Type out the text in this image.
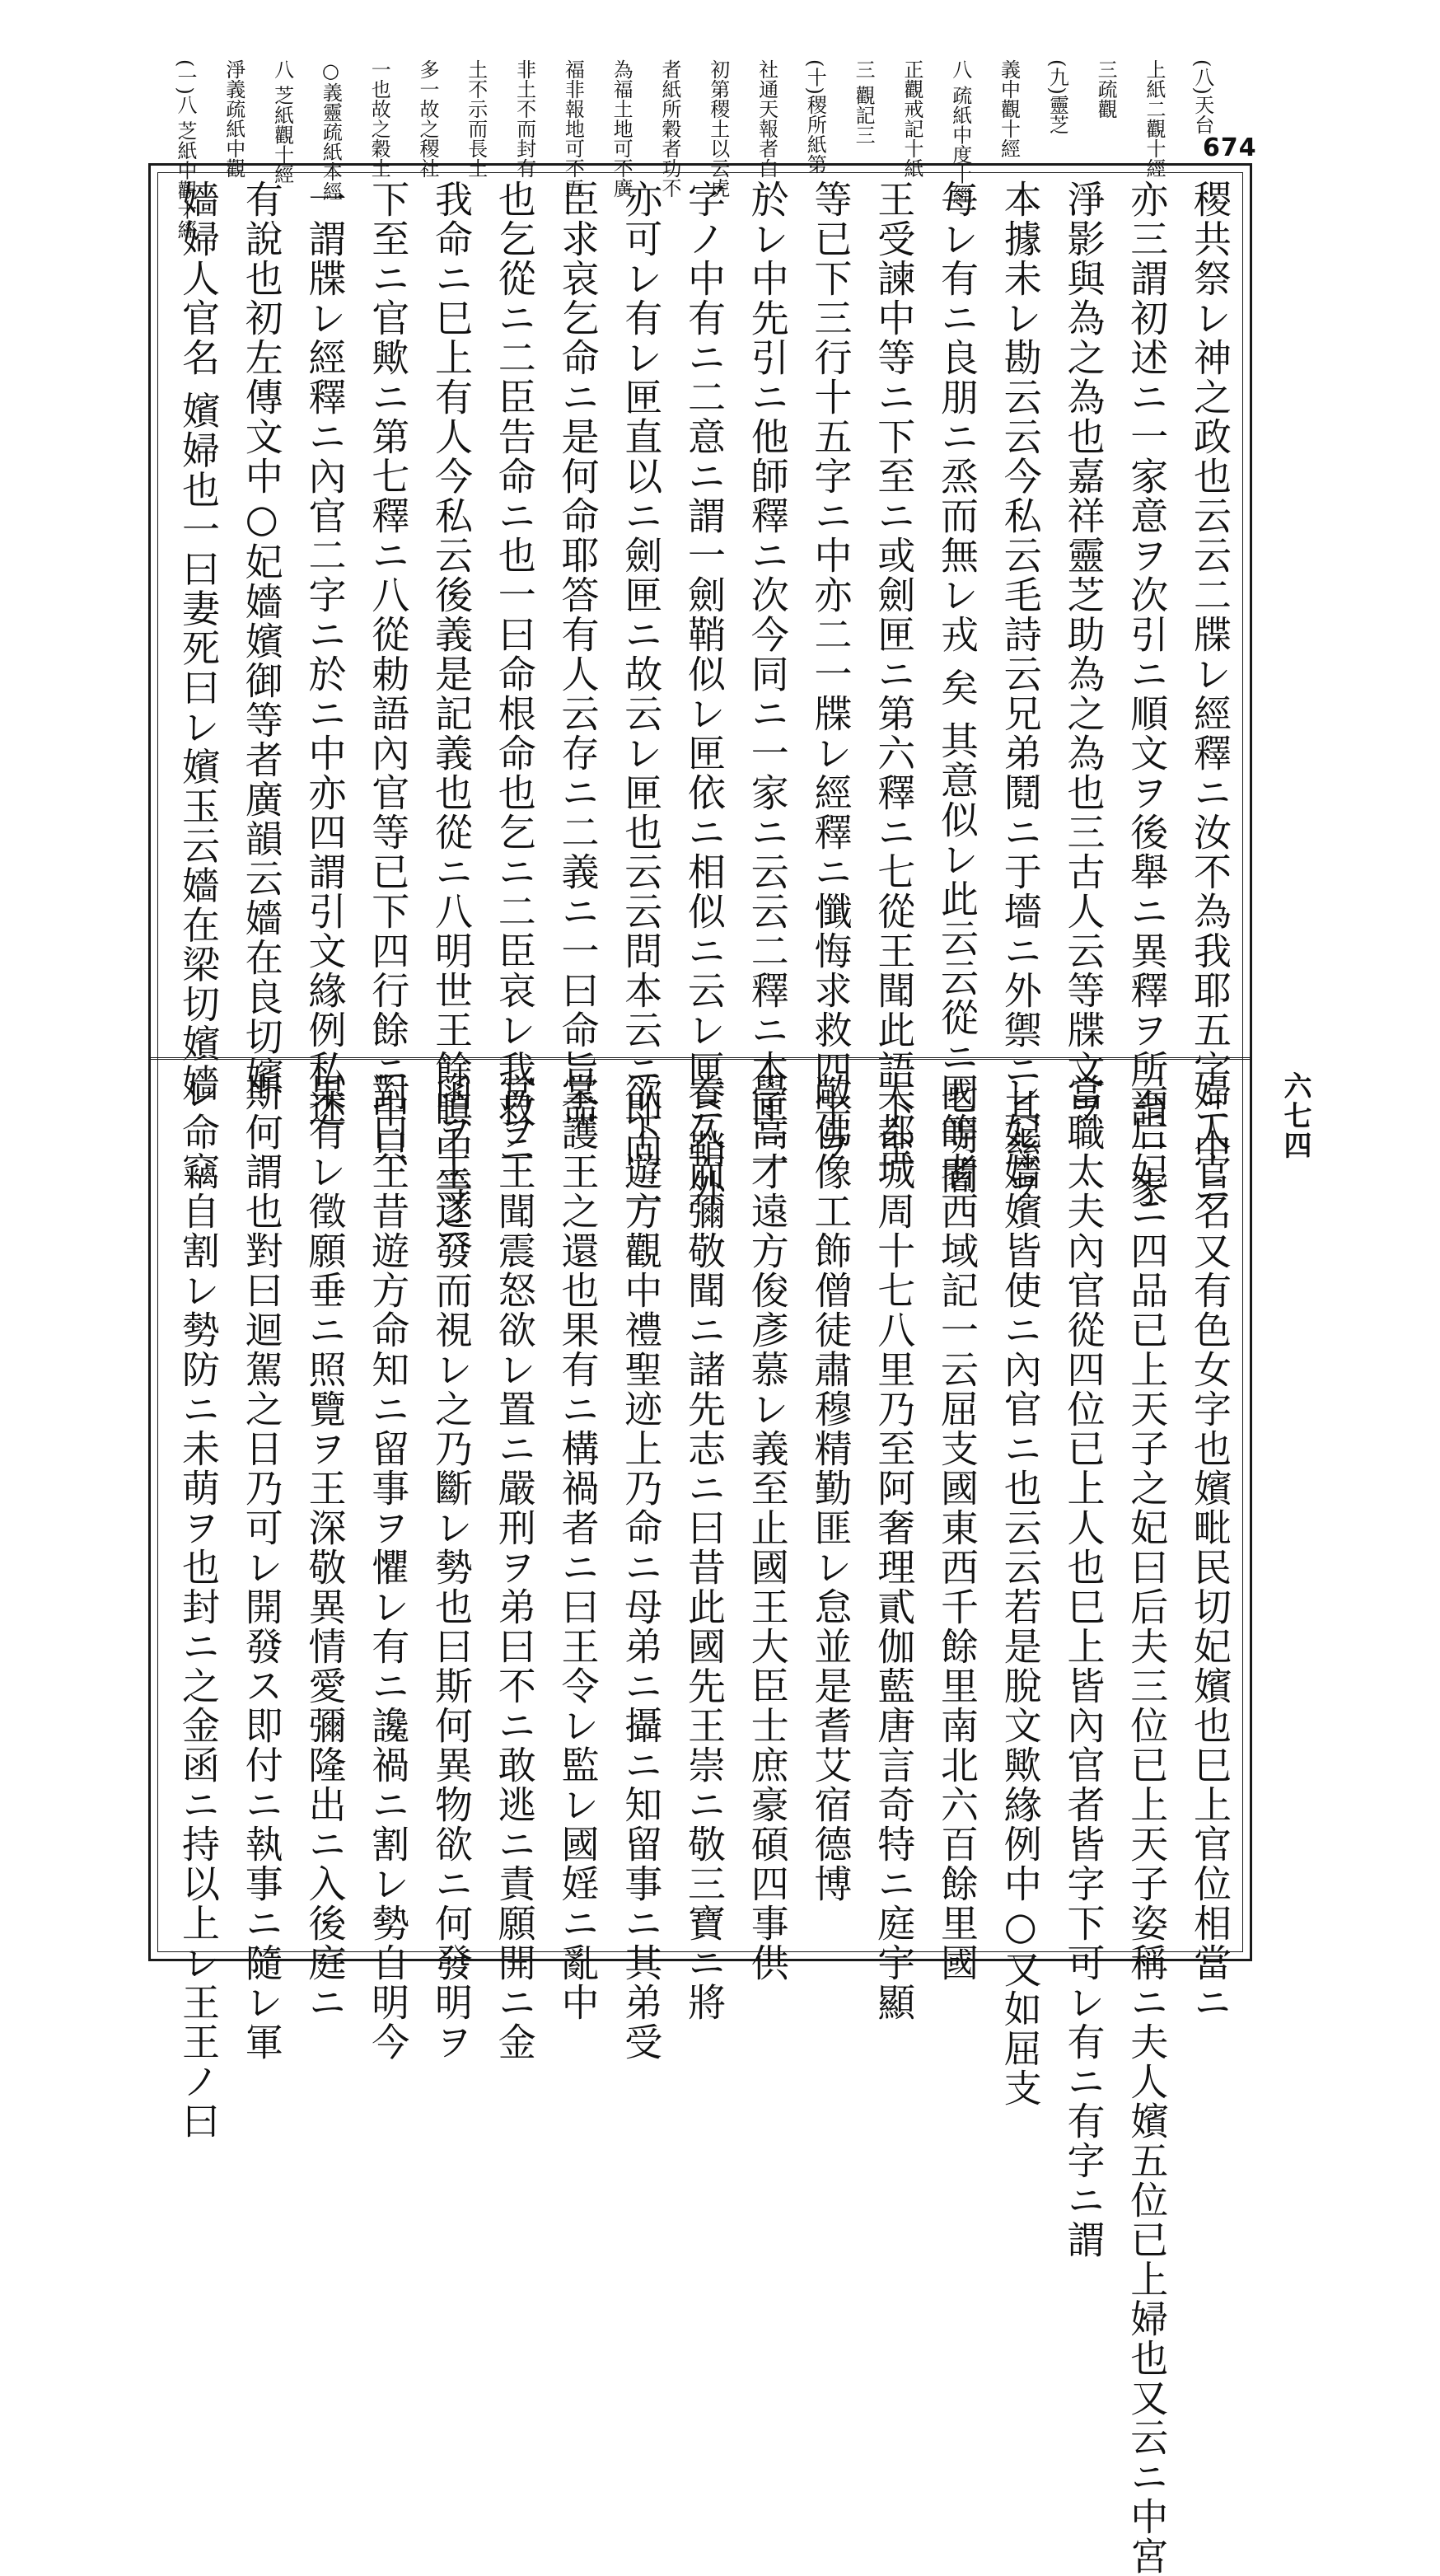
(八)天台
上紙二觀十經
三疏觀
(九)靈芝
義中觀十經
八 疏紙中度十經
正觀戒記十紙
三 觀記三
(十)稷所紙第
社通天報者白
初第稷土以云虎
者紙所穀者功不
為福土地可不廣
福非報地可不五
非土不而封有
土不示而長土
多一故之稷社
一也故之穀土
○義靈疏紙本經
八 芝紙觀十經
淨義疏紙中觀
(一)八 芝紙中觀十經	674
稷共祭レ神之政也云云二牒レ經釋ニ汝不為我耶五字ニ中ニ
亦三謂初述ニ一家意ヲ次引ニ順文ヲ後舉ニ異釋ヲ所謂一家
淨影與為之為也嘉祥靈芝助為之為也三古人云等牒文ヲ
本據未レ勘云云今私云毛詩云兄弟鬩ニ于墻ニ外禦ニ其慈ヲ
每レ有ニ良朋ニ烝而無レ戎 矣 其意似レ此云云從ニ七明闍
王受諫中等ニ下至ニ或劍匣ニ第六釋ニ七從王聞此語下至
等已下三行十五字ニ中亦二一牒レ經釋ニ懺悔求救四字ヲ
於レ中先引ニ他師釋ニ次今同ニ一家ニ云云二釋ニ本匣二
字ノ中有ニ二意ニ謂一劍鞘似レ匣依ニ相似ニ云レ匣ニ鞘外
亦可レ有レ匣直以ニ劍匣ニ故云レ匣也云云問本云ニ即向二
臣求哀乞命ニ是何命耶答有人云存ニ二義ニ一曰命旨命
也乞從ニ二臣告命ニ也一曰命根命也乞ニ二臣哀レ我救ニ
我命ニ巳上有人今私云後義是記義也從ニ八明世王餘瞋中等ニ
下至ニ官歟ニ第七釋ニ八從勅語內官等已下四行餘ニ中只
一謂牒レ經釋ニ內官二字ニ於ニ中亦四謂引文緣例私述
有說也初左傳文中○妃嬙嬪御等者廣韻云嬙在良切嬪
嬙婦人官名 嬪婦也一曰妻死曰レ嬪玉云嬙在梁切嬪嬙
婦人官名又有色女字也嬪毗民切妃嬪也巳上官位相當ニ
云后妃ニ四品已上天子之妃曰后夫三位已上天子姿稱ニ夫人嬪五位已上婦也又云ニ中宮
當職太夫內官從四位已上人也巳上皆內官者皆字下可レ有ニ有字ニ謂
レ妃嬙嬪皆使ニ內官ニ也云云若是脫文歟緣例中○又如屈支
國等者西域記一云屈支國東西千餘里南北六百餘里國
大都城周十七八里乃至阿奢理貳伽藍唐言奇特ニ庭宇顯
敞佛像工飾僧徒肅穆精勤匪レ怠並是耆艾宿德博
學高才遠方俊彥慕レ義至止國王大臣士庶豪碩四事供
養久而彌敬聞ニ諸先志ニ曰昔此國先王崇ニ敬三寶ニ將
欲下遊方觀中禮聖迹上乃命ニ母弟ニ攝ニ知留事ニ其弟受
掌護王之還也果有ニ構禍者ニ曰王令レ監レ國婬ニ亂中
宮ヲ王聞震怒欲レ置ニ嚴刑ヲ弟曰不ニ敢逃ニ責願開ニ金
函ヲ王遂發而視レ之乃斷レ勢也曰斯何異物欲ニ何發明ヲ
對曰王昔遊方命知ニ留事ヲ懼レ有ニ讒禍ニ割レ勢自明今
果有レ徵願垂ニ照覽ヲ王深敬異情愛彌隆出ニ入後庭ニ
斯何謂也對曰迴駕之日乃可レ開發ス即付ニ執事ニ隨レ軍
レ命竊自割レ勢防ニ未萌ヲ也封ニ之金函ニ持以上レ王王ノ曰	六七四
